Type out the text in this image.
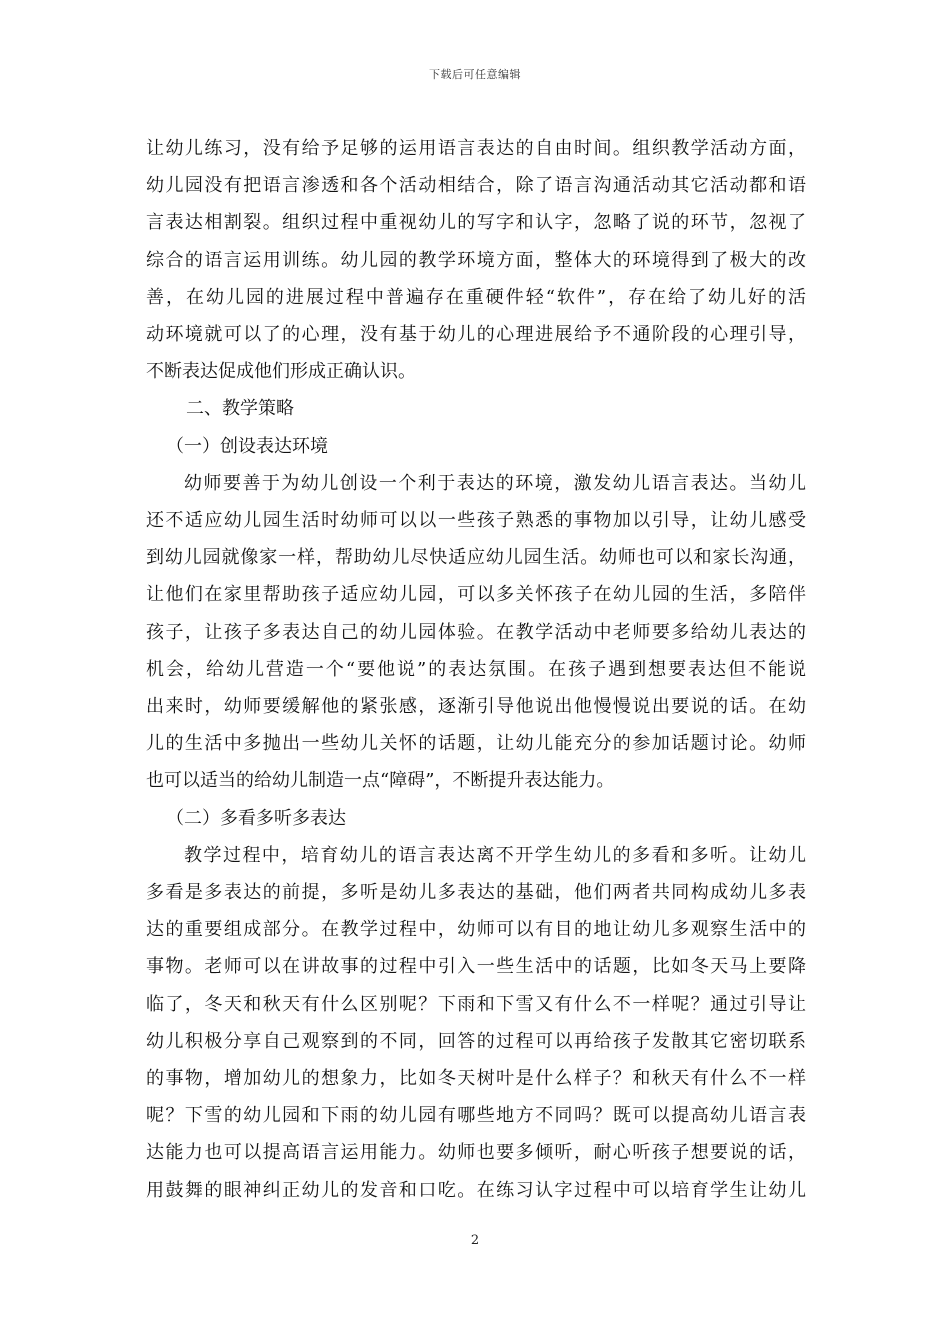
下载后可任意编辑
让幼儿练习，没有给予足够的运用语言表达的自由时间。组织教学活动方面，
幼儿园没有把语言渗透和各个活动相结合，除了语言沟通活动其它活动都和语
言表达相割裂。组织过程中重视幼儿的写字和认字，忽略了说的环节，忽视了
综合的语言运用训练。幼儿园的教学环境方面，整体大的环境得到了极大的改
善，在幼儿园的进展过程中普遍存在重硬件轻“软件”，存在给了幼儿好的活
动环境就可以了的心理，没有基于幼儿的心理进展给予不通阶段的心理引导，
不断表达促成他们形成正确认识。
二、教学策略
（一）创设表达环境
幼师要善于为幼儿创设一个利于表达的环境，激发幼儿语言表达。当幼儿
还不适应幼儿园生活时幼师可以以一些孩子熟悉的事物加以引导，让幼儿感受
到幼儿园就像家一样，帮助幼儿尽快适应幼儿园生活。幼师也可以和家长沟通，
让他们在家里帮助孩子适应幼儿园，可以多关怀孩子在幼儿园的生活，多陪伴
孩子，让孩子多表达自己的幼儿园体验。在教学活动中老师要多给幼儿表达的
机会，给幼儿营造一个“要他说”的表达氛围。在孩子遇到想要表达但不能说
出来时，幼师要缓解他的紧张感，逐渐引导他说出他慢慢说出要说的话。在幼
儿的生活中多抛出一些幼儿关怀的话题，让幼儿能充分的参加话题讨论。幼师
也可以适当的给幼儿制造一点“障碍”，不断提升表达能力。
（二）多看多听多表达
教学过程中，培育幼儿的语言表达离不开学生幼儿的多看和多听。让幼儿
多看是多表达的前提，多听是幼儿多表达的基础，他们两者共同构成幼儿多表
达的重要组成部分。在教学过程中，幼师可以有目的地让幼儿多观察生活中的
事物。老师可以在讲故事的过程中引入一些生活中的话题，比如冬天马上要降
临了，冬天和秋天有什么区别呢？下雨和下雪又有什么不一样呢？通过引导让
幼儿积极分享自己观察到的不同，回答的过程可以再给孩子发散其它密切联系
的事物，增加幼儿的想象力，比如冬天树叶是什么样子？和秋天有什么不一样
呢？下雪的幼儿园和下雨的幼儿园有哪些地方不同吗？既可以提高幼儿语言表
达能力也可以提高语言运用能力。幼师也要多倾听，耐心听孩子想要说的话，
用鼓舞的眼神纠正幼儿的发音和口吃。在练习认字过程中可以培育学生让幼儿
2
